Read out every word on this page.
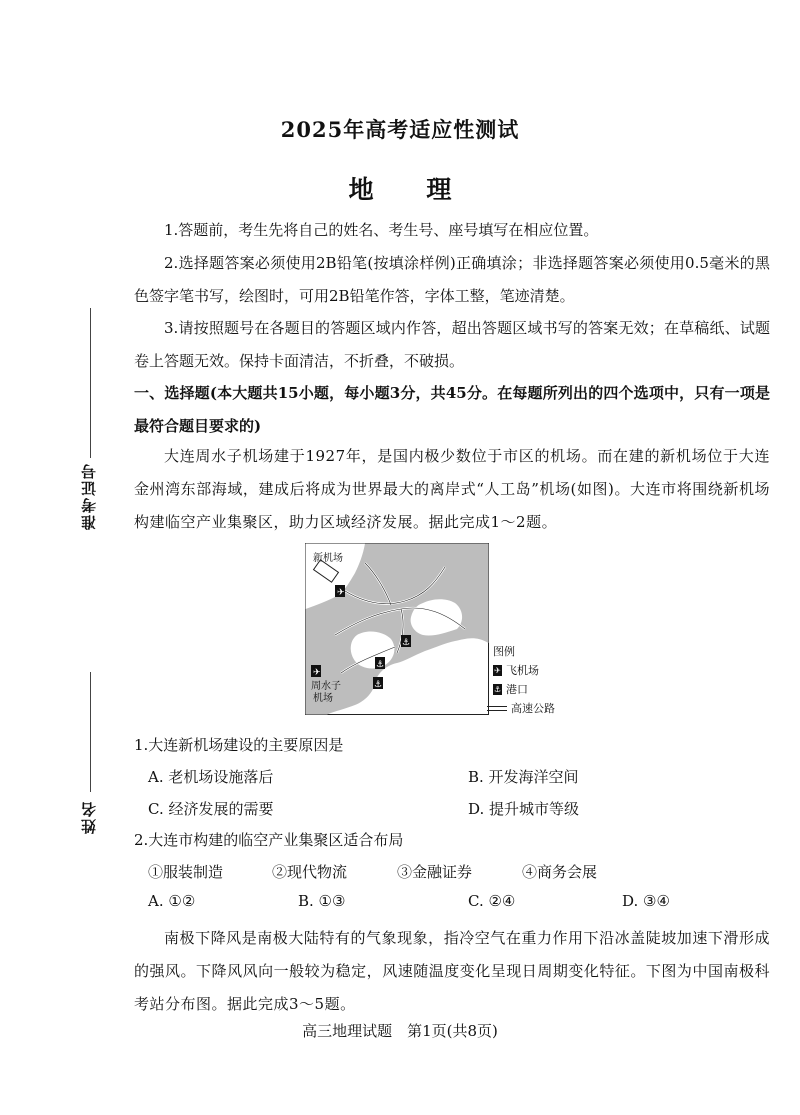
准考证号
姓名
2025年高考适应性测试
地 理
1.答题前，考生先将自己的姓名、考生号、座号填写在相应位置。
2.选择题答案必须使用2B铅笔(按填涂样例)正确填涂；非选择题答案必须使用0.5毫米的黑色签字笔书写，绘图时，可用2B铅笔作答，字体工整，笔迹清楚。
3.请按照题号在各题目的答题区域内作答，超出答题区域书写的答案无效；在草稿纸、试题卷上答题无效。保持卡面清洁，不折叠，不破损。
一、选择题(本大题共15小题，每小题3分，共45分。在每题所列出的四个选项中，只有一项是最符合题目要求的)
大连周水子机场建于1927年，是国内极少数位于市区的机场。而在建的新机场位于大连金州湾东部海域，建成后将成为世界最大的离岸式“人工岛”机场(如图)。大连市将围绕新机场构建临空产业集聚区，助力区域经济发展。据此完成1～2题。
新机场
周水子
机场
✈
✈
⚓
⚓
⚓
图例
✈ 飞机场
⚓ 港口
高速公路
1.大连新机场建设的主要原因是
A. 老机场设施落后	B. 开发海洋空间
C. 经济发展的需要	D. 提升城市等级
2.大连市构建的临空产业集聚区适合布局
①服装制造	②现代物流	③金融证券	④商务会展
A. ①②	B. ①③	C. ②④	D. ③④
南极下降风是南极大陆特有的气象现象，指冷空气在重力作用下沿冰盖陡坡加速下滑形成的强风。下降风风向一般较为稳定，风速随温度变化呈现日周期变化特征。下图为中国南极科考站分布图。据此完成3～5题。
高三地理试题　第1页(共8页)
